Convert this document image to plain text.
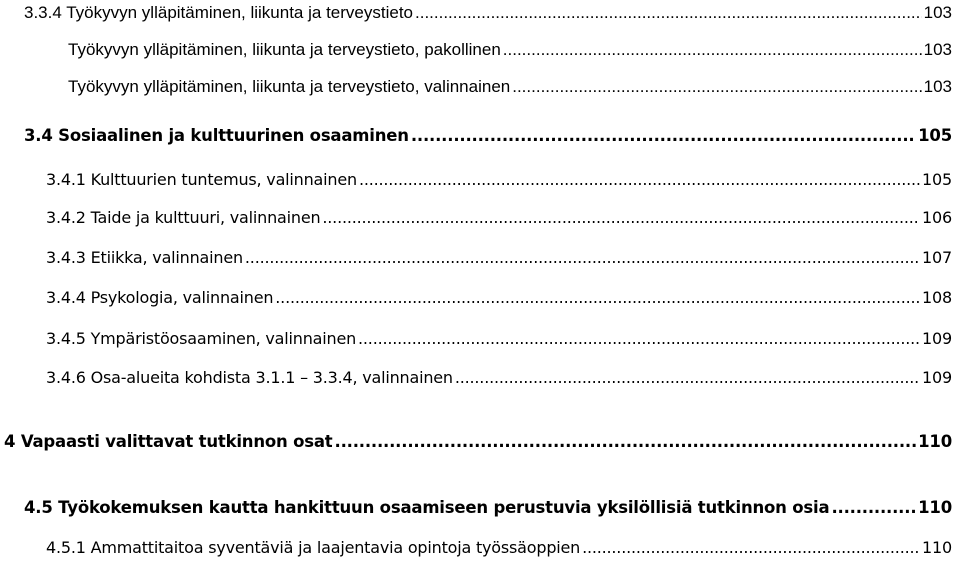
3.3.4 Työkyvyn ylläpitäminen, liikunta ja terveystieto .....	103
Työkyvyn ylläpitäminen, liikunta ja terveystieto, pakollinen .....	103
Työkyvyn ylläpitäminen, liikunta ja terveystieto, valinnainen .....	103
3.4 Sosiaalinen ja kulttuurinen osaaminen .....	105
3.4.1 Kulttuurien tuntemus, valinnainen .....	105
3.4.2 Taide ja kulttuuri, valinnainen .....	106
3.4.3 Etiikka, valinnainen .....	107
3.4.4 Psykologia, valinnainen .....	108
3.4.5 Ympäristöosaaminen, valinnainen .....	109
3.4.6 Osa-alueita kohdista 3.1.1 – 3.3.4, valinnainen .....	109
4 Vapaasti valittavat tutkinnon osat .....	110
4.5 Työkokemuksen kautta hankittuun osaamiseen perustuvia yksilöllisiä tutkinnon osia .....	110
4.5.1 Ammattitaitoa syventäviä ja laajentavia opintoja työssäoppien .....	110
